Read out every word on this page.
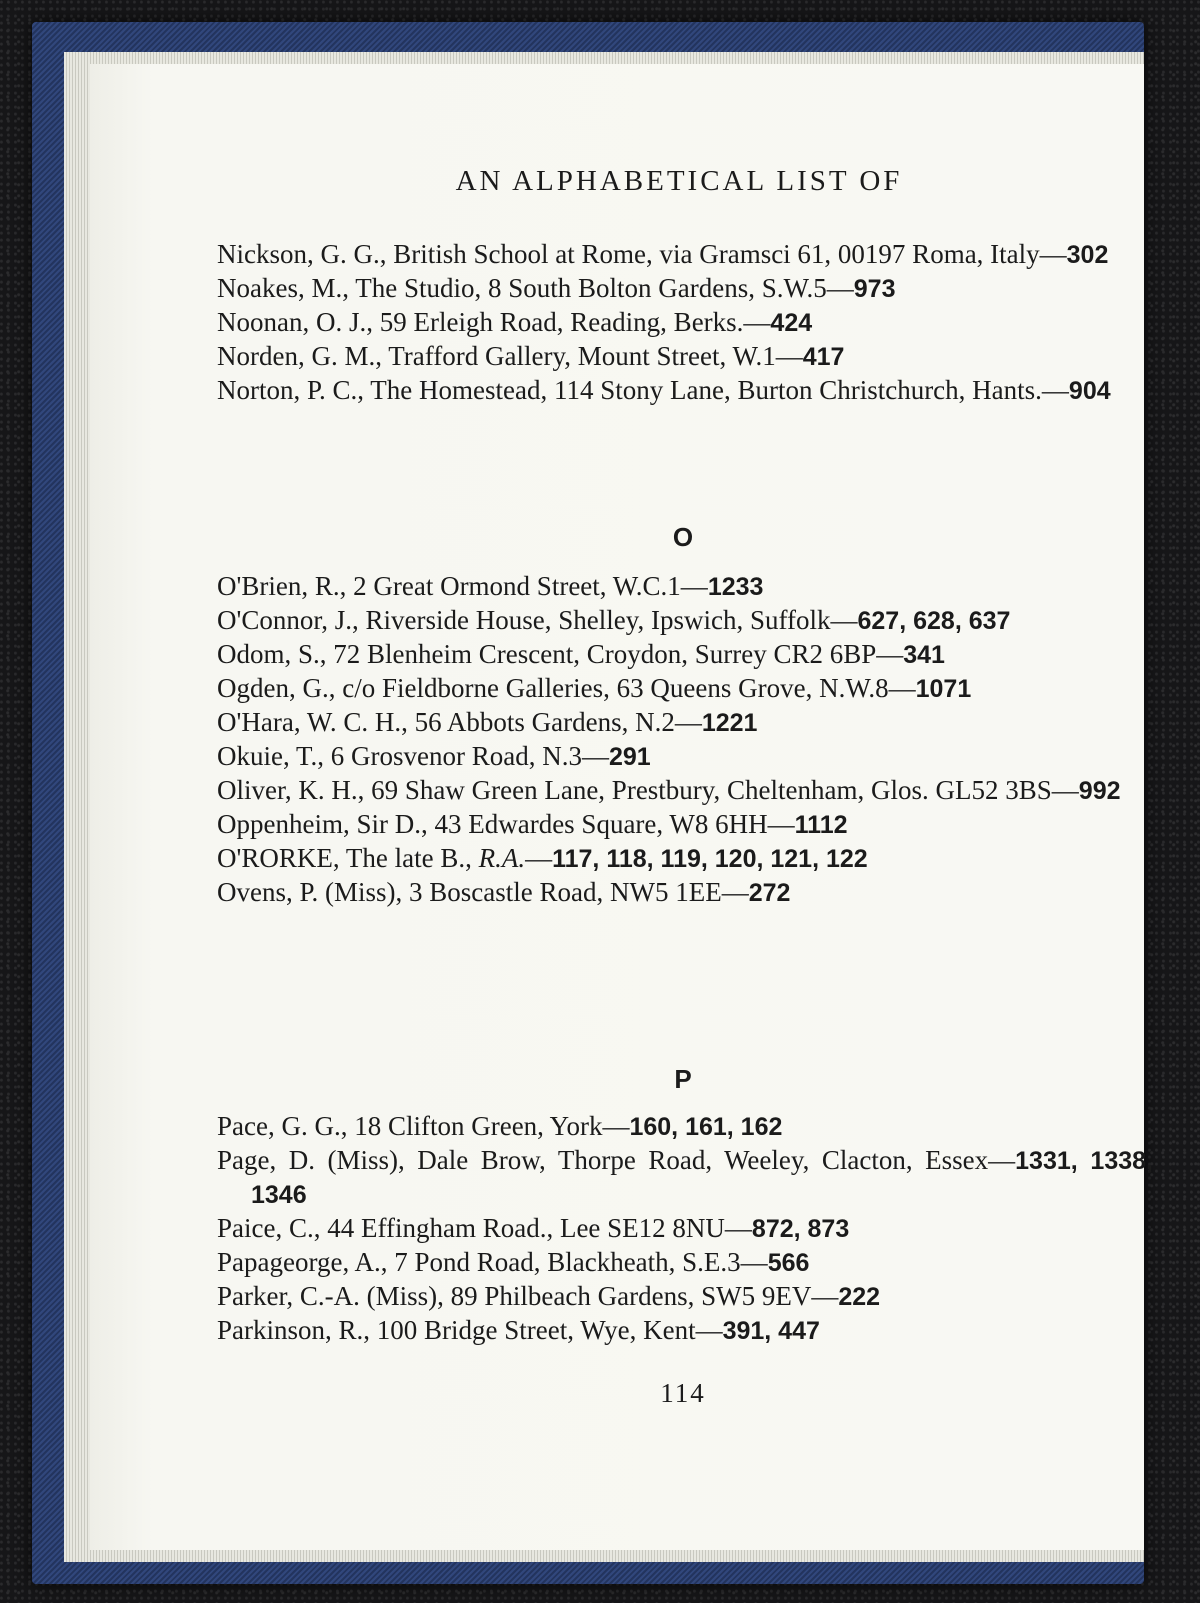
AN ALPHABETICAL LIST OF
Nickson, G. G., British School at Rome, via Gramsci 61, 00197 Roma, Italy—302
Noakes, M., The Studio, 8 South Bolton Gardens, S.W.5—973
Noonan, O. J., 59 Erleigh Road, Reading, Berks.—424
Norden, G. M., Trafford Gallery, Mount Street, W.1—417
Norton, P. C., The Homestead, 114 Stony Lane, Burton Christchurch, Hants.—904
O
O'Brien, R., 2 Great Ormond Street, W.C.1—1233
O'Connor, J., Riverside House, Shelley, Ipswich, Suffolk—627, 628, 637
Odom, S., 72 Blenheim Crescent, Croydon, Surrey CR2 6BP—341
Ogden, G., c/o Fieldborne Galleries, 63 Queens Grove, N.W.8—1071
O'Hara, W. C. H., 56 Abbots Gardens, N.2—1221
Okuie, T., 6 Grosvenor Road, N.3—291
Oliver, K. H., 69 Shaw Green Lane, Prestbury, Cheltenham, Glos. GL52 3BS—992
Oppenheim, Sir D., 43 Edwardes Square, W8 6HH—1112
O'RORKE, The late B., R.A.—117, 118, 119, 120, 121, 122
Ovens, P. (Miss), 3 Boscastle Road, NW5 1EE—272
P
Pace, G. G., 18 Clifton Green, York—160, 161, 162
Page, D. (Miss), Dale Brow, Thorpe Road, Weeley, Clacton, Essex—1331, 1338, 1346
Paice, C., 44 Effingham Road., Lee SE12 8NU—872, 873
Papageorge, A., 7 Pond Road, Blackheath, S.E.3—566
Parker, C.-A. (Miss), 89 Philbeach Gardens, SW5 9EV—222
Parkinson, R., 100 Bridge Street, Wye, Kent—391, 447
114
